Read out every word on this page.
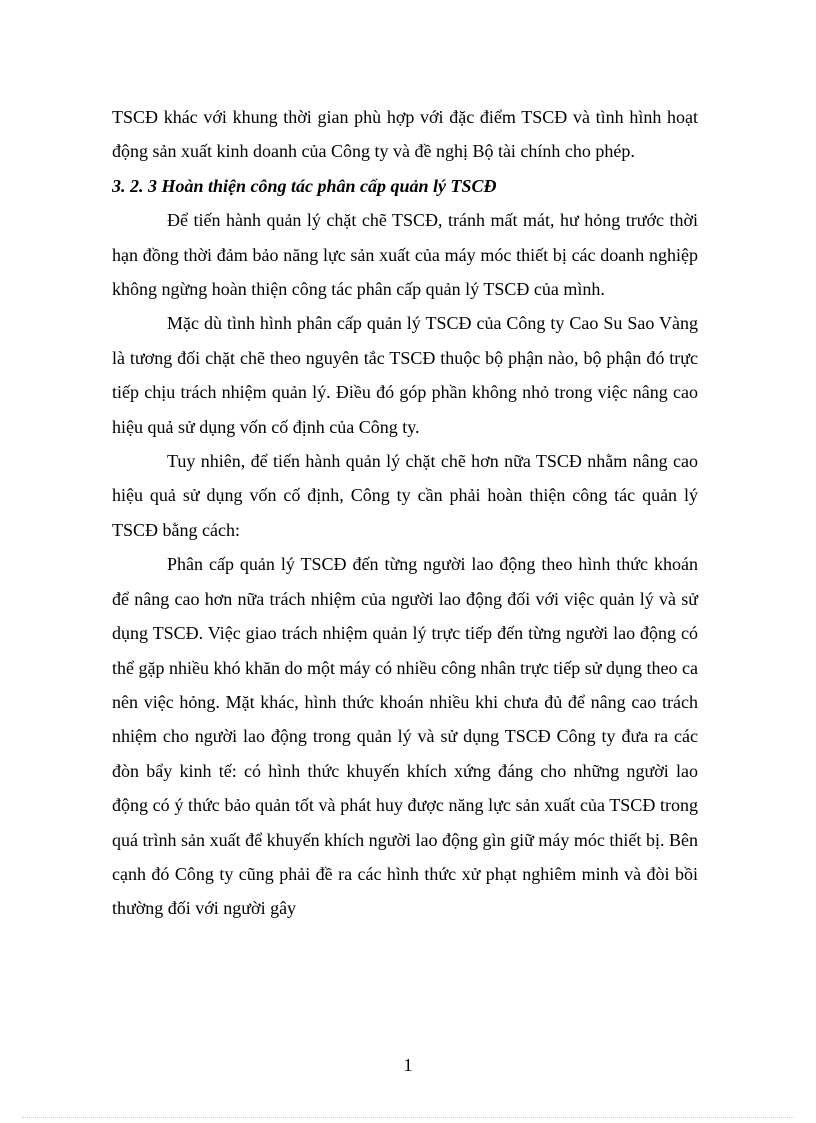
TSCĐ khác với khung thời gian phù hợp với đặc điểm TSCĐ và tình hình hoạt động sản xuất kinh doanh của Công ty và đề nghị Bộ tài chính cho phép.

3. 2. 3 Hoàn thiện công tác phân cấp quản lý TSCĐ

Để tiến hành quản lý chặt chẽ TSCĐ, tránh mất mát, hư hỏng trước thời hạn đồng thời đảm bảo năng lực sản xuất của máy móc thiết bị các doanh nghiệp không ngừng hoàn thiện công tác phân cấp quản lý TSCĐ của mình.

Mặc dù tình hình phân cấp quản lý TSCĐ của Công ty Cao Su Sao Vàng là tương đối chặt chẽ theo nguyên tắc TSCĐ thuộc bộ phận nào, bộ phận đó trực tiếp chịu trách nhiệm quản lý. Điều đó góp phần không nhỏ trong việc nâng cao hiệu quả sử dụng vốn cố định của Công ty.

Tuy nhiên, để tiến hành quản lý chặt chẽ hơn nữa TSCĐ nhằm nâng cao hiệu quả sử dụng vốn cố định, Công ty cần phải hoàn thiện công tác quản lý TSCĐ bằng cách:

Phân cấp quản lý TSCĐ đến từng người lao động theo hình thức khoán để nâng cao hơn nữa trách nhiệm của người lao động đối với việc quản lý và sử dụng TSCĐ. Việc giao trách nhiệm quản lý trực tiếp đến từng người lao động có thể gặp nhiều khó khăn do một máy có nhiều công nhân trực tiếp sử dụng theo ca nên việc hỏng. Mặt khác, hình thức khoán nhiều khi chưa đủ để nâng cao trách nhiệm cho người lao động trong quản lý và sử dụng TSCĐ Công ty đưa ra các đòn bẩy kinh tế: có hình thức khuyến khích xứng đáng cho những người lao động có ý thức bảo quản tốt và phát huy được năng lực sản xuất của TSCĐ trong quá trình sản xuất để khuyến khích người lao động gìn giữ máy móc thiết bị. Bên cạnh đó Công ty cũng phải đề ra các hình thức xử phạt nghiêm minh và đòi bồi thường đối với người gây

1
